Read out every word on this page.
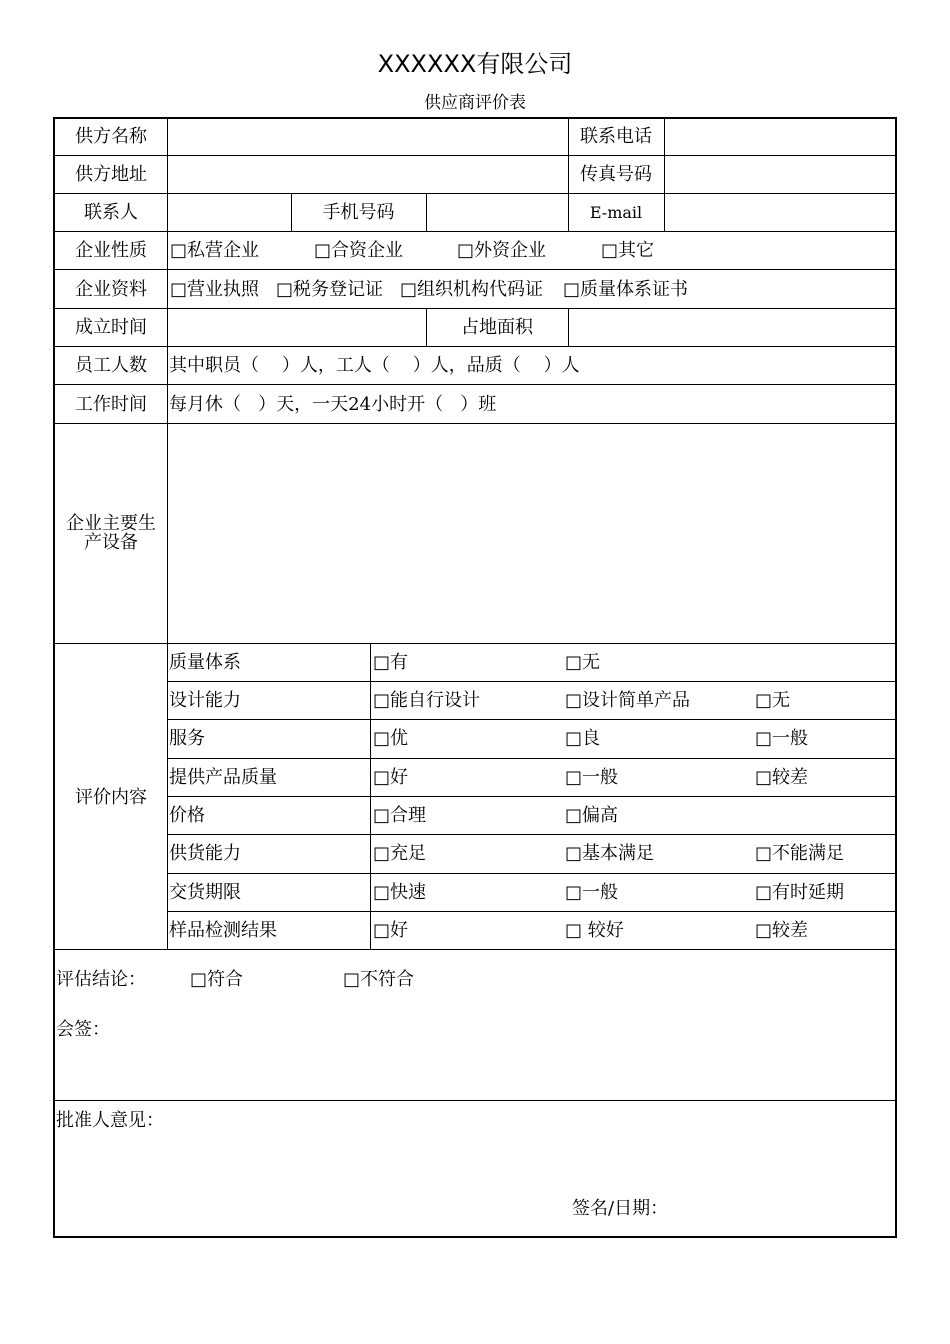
XXXXXX有限公司
供应商评价表
供方名称	联系电话
供方地址	传真号码
联系人	手机号码	E-mail
企业性质	□私营企业	□合资企业	□外资企业	□其它
企业资料	□营业执照 □税务登记证 □组织机构代码证 □质量体系证书
成立时间	占地面积
员工人数	其中职员（    ）人，工人（    ）人，品质（    ）人
工作时间	每月休（   ）天，一天24小时开（   ）班
企业主要生
产设备
评价内容
质量体系	□有	□无
设计能力	□能自行设计	□设计简单产品	□无
服务	□优	□良	□一般
提供产品质量	□好	□一般	□较差
价格	□合理	□偏高
供货能力	□充足	□基本满足	□不能满足
交货期限	□快速	□一般	□有时延期
样品检测结果	□好	□ 较好	□较差
评估结论： □符合	□不符合
会签：
批准人意见：
签名/日期：
